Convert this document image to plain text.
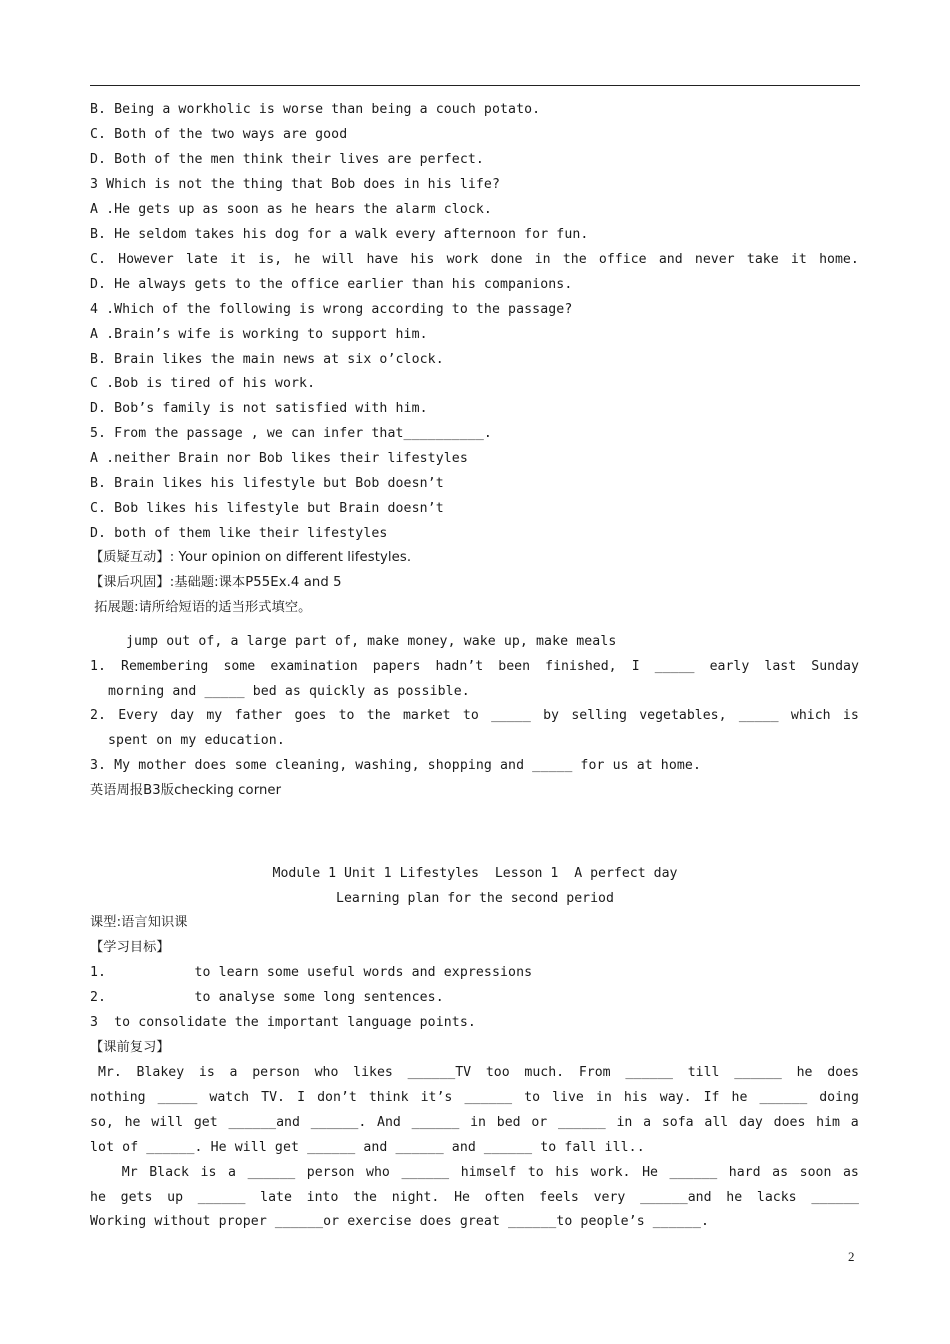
B. Being a workholic is worse than being a couch potato.
C. Both of the two ways are good
D. Both of the men think their lives are perfect.
3 Which is not the thing that Bob does in his life?
A .He gets up as soon as he hears the alarm clock.
B. He seldom takes his dog for a walk every afternoon for fun.
C. However late it is, he will have his work done in the office and never take it home.
D. He always gets to the office earlier than his companions.
4 .Which of the following is wrong according to the passage?
A .Brain’s wife is working to support him.
B. Brain likes the main news at six o’clock.
C .Bob is tired of his work.
D. Bob’s family is not satisfied with him.
5. From the passage , we can infer that__________.
A .neither Brain nor Bob likes their lifestyles
B. Brain likes his lifestyle but Bob doesn’t
C. Bob likes his lifestyle but Brain doesn’t
D. both of them like their lifestyles
【质疑互动】: Your opinion on different lifestyles.
【课后巩固】:基础题:课本P55Ex.4 and 5
拓展题:请所给短语的适当形式填空。
jump out of, a large part of, make money, wake up, make meals
1. Remembering some examination papers hadn’t been finished, I _____ early last Sunday
morning and _____ bed as quickly as possible.
2. Every day my father goes to the market to _____ by selling vegetables, _____ which is
spent on my education.
3. My mother does some cleaning, washing, shopping and _____ for us at home.
英语周报B3版checking corner
Module 1 Unit 1 Lifestyles  Lesson 1  A perfect day
Learning plan for the second period
课型:语言知识课
【学习目标】
1.           to learn some useful words and expressions
2.           to analyse some long sentences.
3  to consolidate the important language points.
【课前复习】
Mr. Blakey is a person who likes ______TV too much. From ______ till ______ he does
nothing _____ watch TV. I don’t think it’s ______ to live in his way. If he ______ doing
so, he will get ______and ______. And ______ in bed or ______ in a sofa all day does him a
lot of ______. He will get ______ and ______ and ______ to fall ill..
Mr Black is a ______ person who ______ himself to his work. He ______ hard as soon as
he gets up ______ late into the night. He often feels very ______and he lacks ______
Working without proper ______or exercise does great ______to people’s ______.
2
